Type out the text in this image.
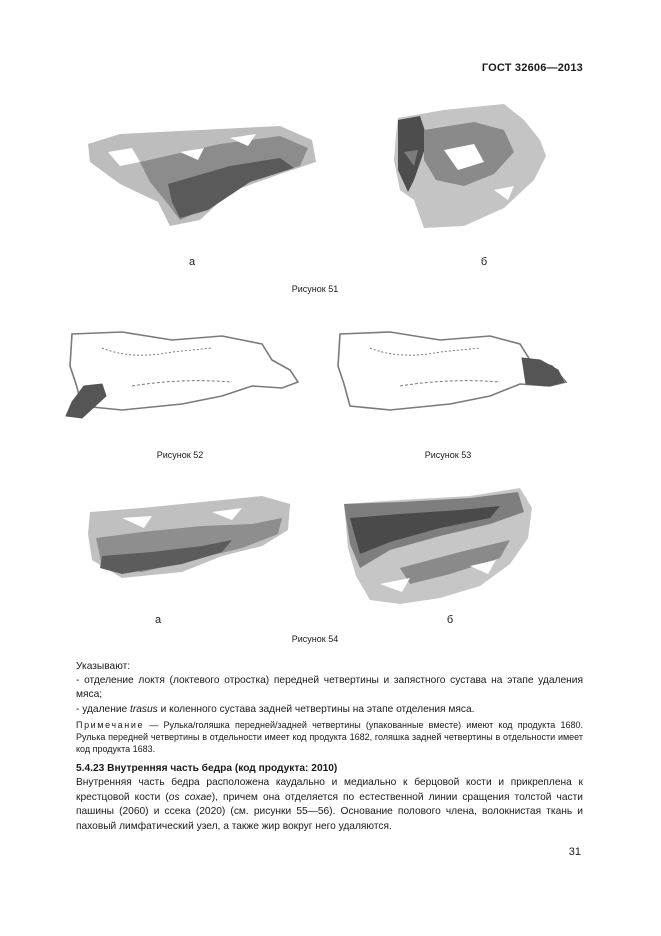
ГОСТ 32606—2013
а	б
Рисунок 51
Рисунок 52	Рисунок 53
а	б
Рисунок 54

Указывают:

- отделение локтя (локтевого отростка) передней четвертины и запястного сустава на этапе удаления мяса;

- удаление trasus и коленного сустава задней четвертины на этапе отделения мяса.

Примечание — Рулька/голяшка передней/задней четвертины (упакованные вместе) имеют код продукта 1680. Рулька передней четвертины в отдельности имеет код продукта 1682, голяшка задней четвертины в отдельности имеет код продукта 1683.

5.4.23 Внутренняя часть бедра (код продукта: 2010)

Внутренняя часть бедра расположена каудально и медиально к берцовой кости и прикреплена к крестцовой кости (os coxae), причем она отделяется по естественной линии сращения толстой части пашины (2060) и ссека (2020) (см. рисунки 55—56). Основание полового члена, волокнистая ткань и паховый лимфатический узел, а также жир вокруг него удаляются.

31
